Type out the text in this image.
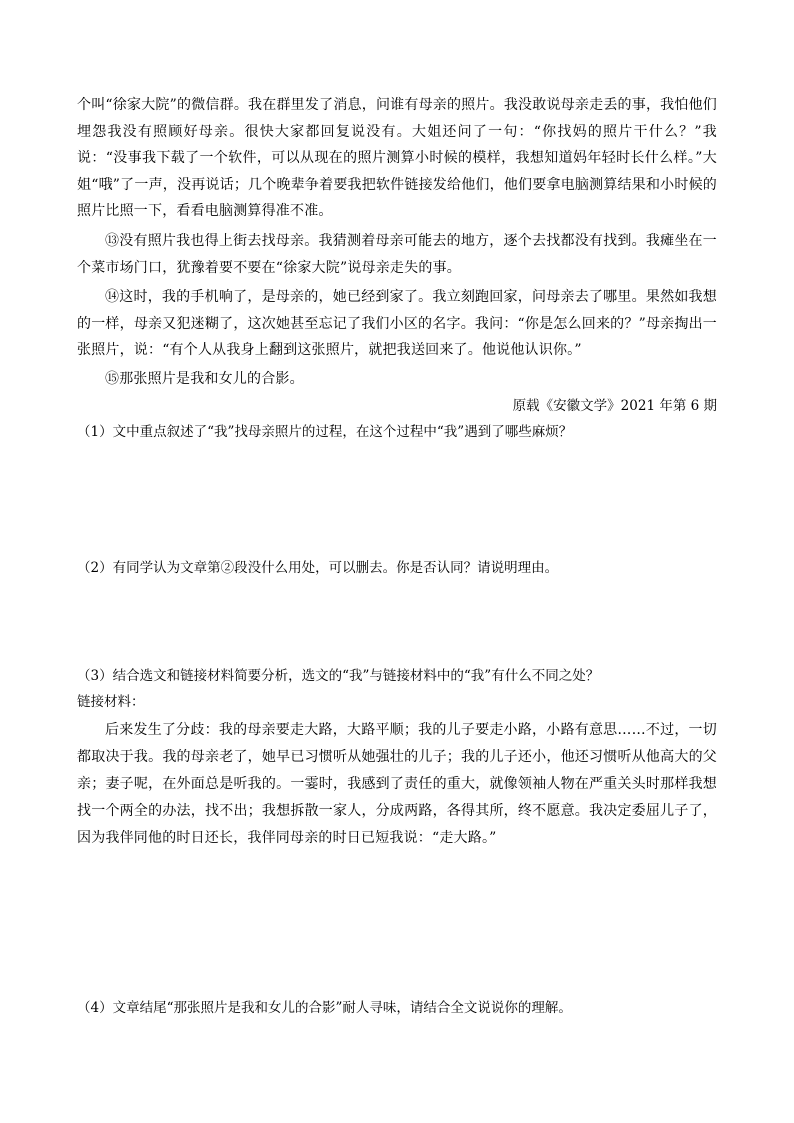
个叫“徐家大院”的微信群。我在群里发了消息，问谁有母亲的照片。我没敢说母亲走丢的事，我怕他们埋怨我没有照顾好母亲。很快大家都回复说没有。大姐还问了一句：“你找妈的照片干什么？”我说：“没事我下载了一个软件，可以从现在的照片测算小时候的模样，我想知道妈年轻时长什么样。”大姐“哦”了一声，没再说话；几个晚辈争着要我把软件链接发给他们，他们要拿电脑测算结果和小时候的照片比照一下，看看电脑测算得准不准。
⑬没有照片我也得上街去找母亲。我猜测着母亲可能去的地方，逐个去找都没有找到。我瘫坐在一个菜市场门口，犹豫着要不要在“徐家大院”说母亲走失的事。
⑭这时，我的手机响了，是母亲的，她已经到家了。我立刻跑回家，问母亲去了哪里。果然如我想的一样，母亲又犯迷糊了，这次她甚至忘记了我们小区的名字。我问：“你是怎么回来的？”母亲掏出一张照片，说：“有个人从我身上翻到这张照片，就把我送回来了。他说他认识你。”
⑮那张照片是我和女儿的合影。
原载《安徽文学》2021 年第 6 期
（1）文中重点叙述了“我”找母亲照片的过程，在这个过程中“我”遇到了哪些麻烦？
（2）有同学认为文章第②段没什么用处，可以删去。你是否认同？请说明理由。
（3）结合选文和链接材料简要分析，选文的“我”与链接材料中的“我”有什么不同之处？
链接材料：
后来发生了分歧：我的母亲要走大路，大路平顺；我的儿子要走小路，小路有意思……不过，一切都取决于我。我的母亲老了，她早已习惯听从她强壮的儿子；我的儿子还小，他还习惯听从他高大的父亲；妻子呢，在外面总是听我的。一霎时，我感到了责任的重大，就像领袖人物在严重关头时那样我想找一个两全的办法，找不出；我想拆散一家人，分成两路，各得其所，终不愿意。我决定委屈儿子了，因为我伴同他的时日还长，我伴同母亲的时日已短我说：“走大路。”
（4）文章结尾“那张照片是我和女儿的合影”耐人寻味，请结合全文说说你的理解。
